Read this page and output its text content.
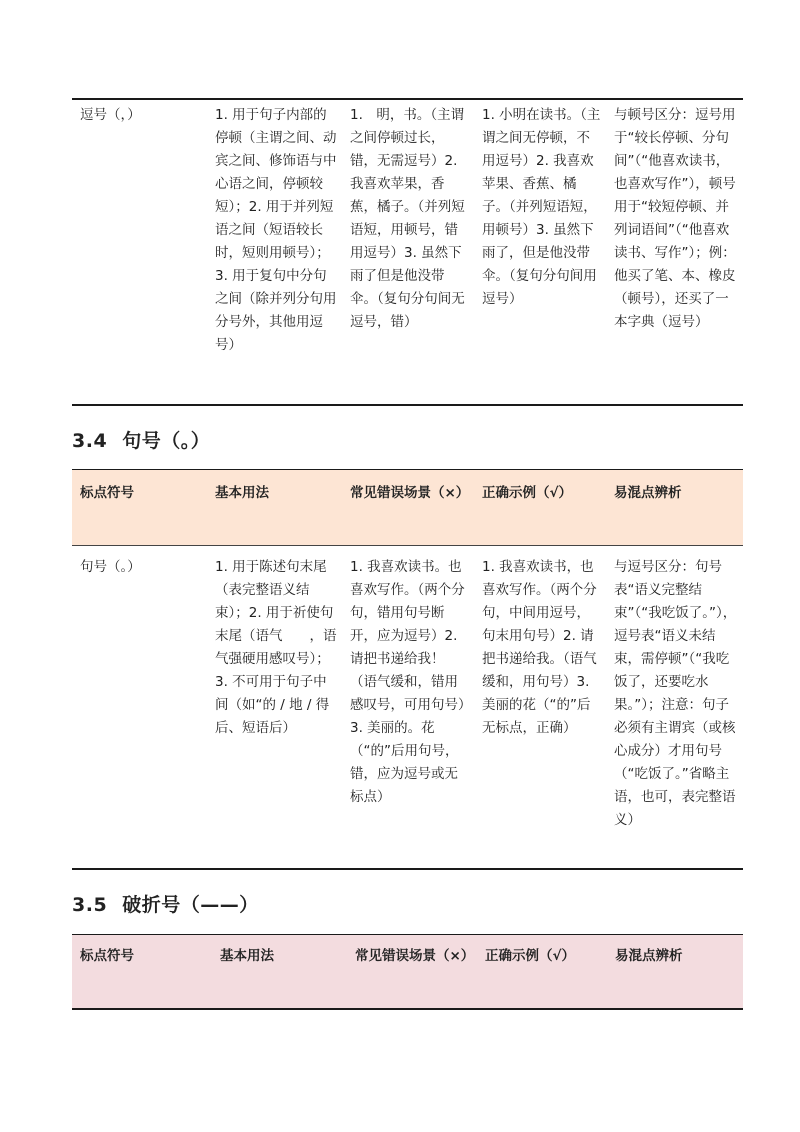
逗号（，）	1. 用于句子内部的停顿（主谓之间、动宾之间、修饰语与中心语之间，停顿较短）；2. 用于并列短语之间（短语较长时，短则用顿号）；3. 用于复句中分句之间（除并列分句用分号外，其他用逗号）	1.　明，书。（主谓之间停顿过长，错，无需逗号）2. 我喜欢苹果，香蕉，橘子。（并列短语短，用顿号，错用逗号）3. 虽然下雨了但是他没带伞。（复句分句间无逗号，错）	1. 小明在读书。（主谓之间无停顿，不用逗号）2. 我喜欢苹果、香蕉、橘子。（并列短语短，用顿号）3. 虽然下雨了，但是他没带伞。（复句分句间用逗号）	与顿号区分：逗号用于“较长停顿、分句间”（“他喜欢读书，也喜欢写作”），顿号用于“较短停顿、并列词语间”（“他喜欢读书、写作”）；例：他买了笔、本、橡皮（顿号），还买了一本字典（逗号）
3.4 句号（。）
标点符号	基本用法	常见错误场景（×）	正确示例（√）	易混点辨析

句号（。）	1. 用于陈述句末尾（表完整语义结束）；2. 用于祈使句末尾（语气　　，语气强硬用感叹号）；3. 不可用于句子中间（如“的 / 地 / 得后、短语后）	1. 我喜欢读书。也喜欢写作。（两个分句，错用句号断开，应为逗号）2. 请把书递给我！（语气缓和，错用感叹号，可用句号）3. 美丽的。花（“的”后用句号，错，应为逗号或无标点）	1. 我喜欢读书，也喜欢写作。（两个分句，中间用逗号，句末用句号）2. 请把书递给我。（语气缓和，用句号）3. 美丽的花（“的”后无标点，正确）	与逗号区分：句号表“语义完整结束”（“我吃饭了。”），逗号表“语义未结束，需停顿”（“我吃饭了，还要吃水果。”）；注意：句子必须有主谓宾（或核心成分）才用句号（“吃饭了。”省略主语，也可，表完整语义）
3.5 破折号（——）
标点符号	基本用法	常见错误场景（×）	正确示例（√）	易混点辨析
